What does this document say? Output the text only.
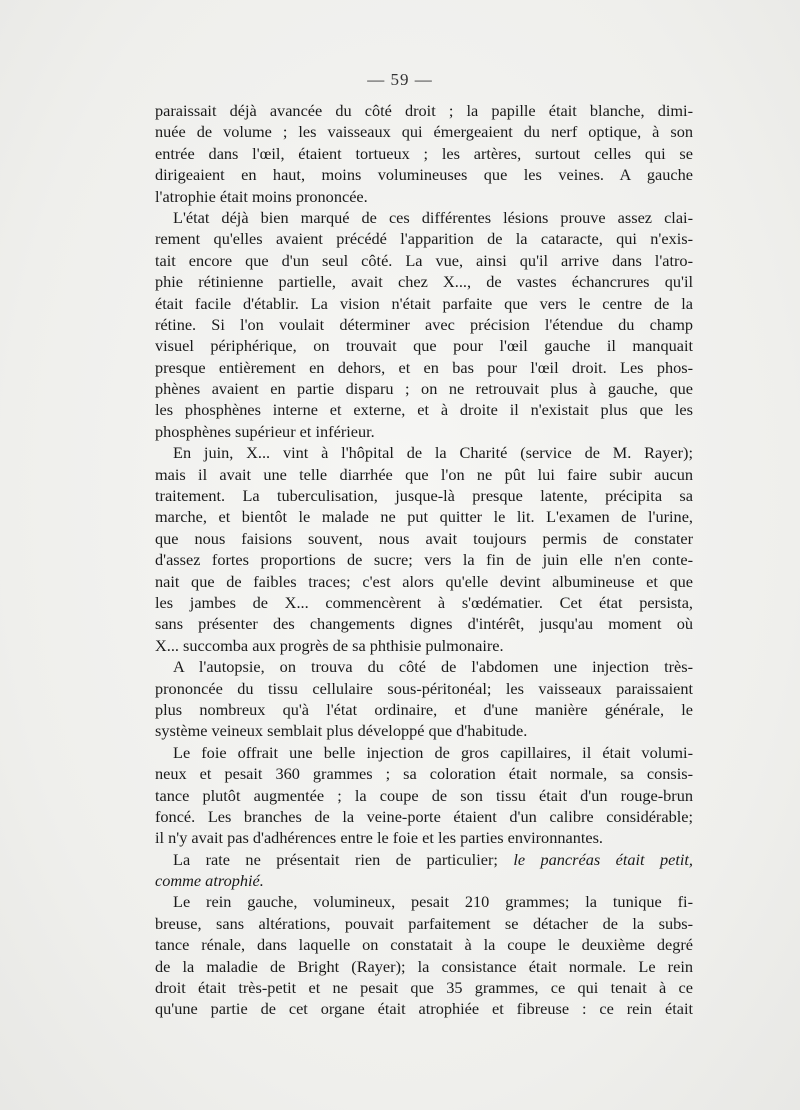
— 59 —
paraissait déjà avancée du côté droit ; la papille était blanche, dimi-
nuée de volume ; les vaisseaux qui émergeaient du nerf optique, à son
entrée dans l'œil, étaient tortueux ; les artères, surtout celles qui se
dirigeaient en haut, moins volumineuses que les veines. A gauche
l'atrophie était moins prononcée.
L'état déjà bien marqué de ces différentes lésions prouve assez clai-
rement qu'elles avaient précédé l'apparition de la cataracte, qui n'exis-
tait encore que d'un seul côté. La vue, ainsi qu'il arrive dans l'atro-
phie rétinienne partielle, avait chez X..., de vastes échancrures qu'il
était facile d'établir. La vision n'était parfaite que vers le centre de la
rétine. Si l'on voulait déterminer avec précision l'étendue du champ
visuel périphérique, on trouvait que pour l'œil gauche il manquait
presque entièrement en dehors, et en bas pour l'œil droit. Les phos-
phènes avaient en partie disparu ; on ne retrouvait plus à gauche, que
les phosphènes interne et externe, et à droite il n'existait plus que les
phosphènes supérieur et inférieur.
En juin, X... vint à l'hôpital de la Charité (service de M. Rayer);
mais il avait une telle diarrhée que l'on ne pût lui faire subir aucun
traitement. La tuberculisation, jusque-là presque latente, précipita sa
marche, et bientôt le malade ne put quitter le lit. L'examen de l'urine,
que nous faisions souvent, nous avait toujours permis de constater
d'assez fortes proportions de sucre; vers la fin de juin elle n'en conte-
nait que de faibles traces; c'est alors qu'elle devint albumineuse et que
les jambes de X... commencèrent à s'œdématier. Cet état persista,
sans présenter des changements dignes d'intérêt, jusqu'au moment où
X... succomba aux progrès de sa phthisie pulmonaire.
A l'autopsie, on trouva du côté de l'abdomen une injection très-
prononcée du tissu cellulaire sous-péritonéal; les vaisseaux paraissaient
plus nombreux qu'à l'état ordinaire, et d'une manière générale, le
système veineux semblait plus développé que d'habitude.
Le foie offrait une belle injection de gros capillaires, il était volumi-
neux et pesait 360 grammes ; sa coloration était normale, sa consis-
tance plutôt augmentée ; la coupe de son tissu était d'un rouge-brun
foncé. Les branches de la veine-porte étaient d'un calibre considérable;
il n'y avait pas d'adhérences entre le foie et les parties environnantes.
La rate ne présentait rien de particulier; le pancréas était petit,
comme atrophié.
Le rein gauche, volumineux, pesait 210 grammes; la tunique fi-
breuse, sans altérations, pouvait parfaitement se détacher de la subs-
tance rénale, dans laquelle on constatait à la coupe le deuxième degré
de la maladie de Bright (Rayer); la consistance était normale. Le rein
droit était très-petit et ne pesait que 35 grammes, ce qui tenait à ce
qu'une partie de cet organe était atrophiée et fibreuse : ce rein était
